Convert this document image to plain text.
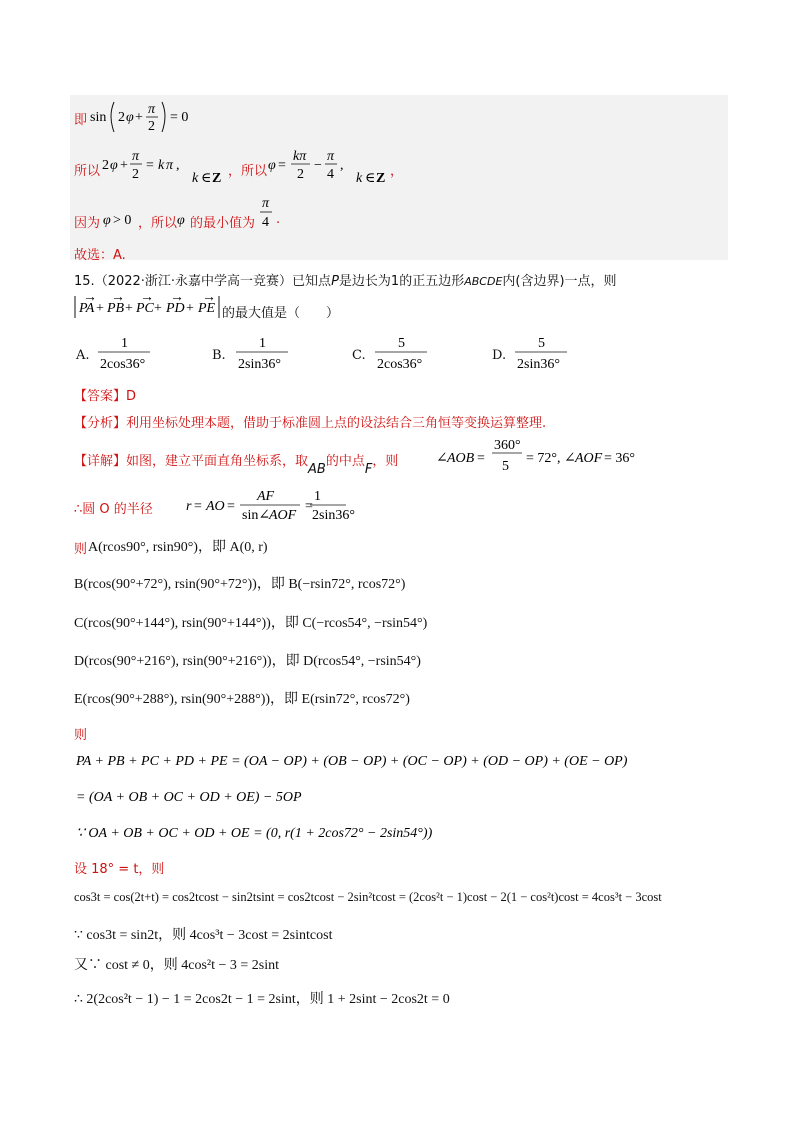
即 sin 2 φ +
π
2
= 0
2 φ +
π
2
= k π ,
k ∈ Z
φ =
kπ
2
−
π
4
,
k ∈ Z
φ > 0	φ
π
4
PA
→
+ PB
→
+ PC
→
+ PD
→
+ PE
→
1
2cos36°
1
2sin36°
5
2cos36°
5
2sin36°
∠ AOB =
360°
5
= 72°, ∠ AOF = 36°
r = AO =
AF
sin∠
AOF
=
1
2sin36°
PA + PB + PC + PD + PE = (OA − OP) + (OB − OP) + (OC − OP) + (OD − OP) + (OE − OP)
= (OA + OB + OC + OD + OE) − 5OP
∵ OA + OB + OC + OD + OE = (0, r(1 + 2cos72° − 2sin54°))
所以	，所以	，
因为	，所以 的最小值为 .
故选：A.
15.（2022·浙江·永嘉中学高一竞赛）已知点P是边长为1的正五边形ABCDE内(含边界)一点，则
的最大值是（　　）
A.	B.	C.	D.
【答案】D
【分析】利用坐标处理本题，借助于标准圆上点的设法结合三角恒等变换运算整理.
【详解】如图，建立平面直角坐标系，取AB的中点F，则
∴圆 O 的半径
则 A(rcos90°, rsin90°)，即 A(0, r)
B(rcos(90°+72°), rsin(90°+72°))，即 B(−rsin72°, rcos72°)
C(rcos(90°+144°), rsin(90°+144°))，即 C(−rcos54°, −rsin54°)
D(rcos(90°+216°), rsin(90°+216°))，即 D(rcos54°, −rsin54°)
E(rcos(90°+288°), rsin(90°+288°))，即 E(rsin72°, rcos72°)
则
设 18° = t，则
cos3t = cos(2t+t) = cos2tcost − sin2tsint = cos2tcost − 2sin²tcost = (2cos²t − 1)cost − 2(1 − cos²t)cost = 4cos³t − 3cost
∵ cos3t = sin2t，则 4cos³t − 3cost = 2sintcost
又∵ cost ≠ 0，则 4cos²t − 3 = 2sint
∴ 2(2cos²t − 1) − 1 = 2cos2t − 1 = 2sint，则 1 + 2sint − 2cos2t = 0
